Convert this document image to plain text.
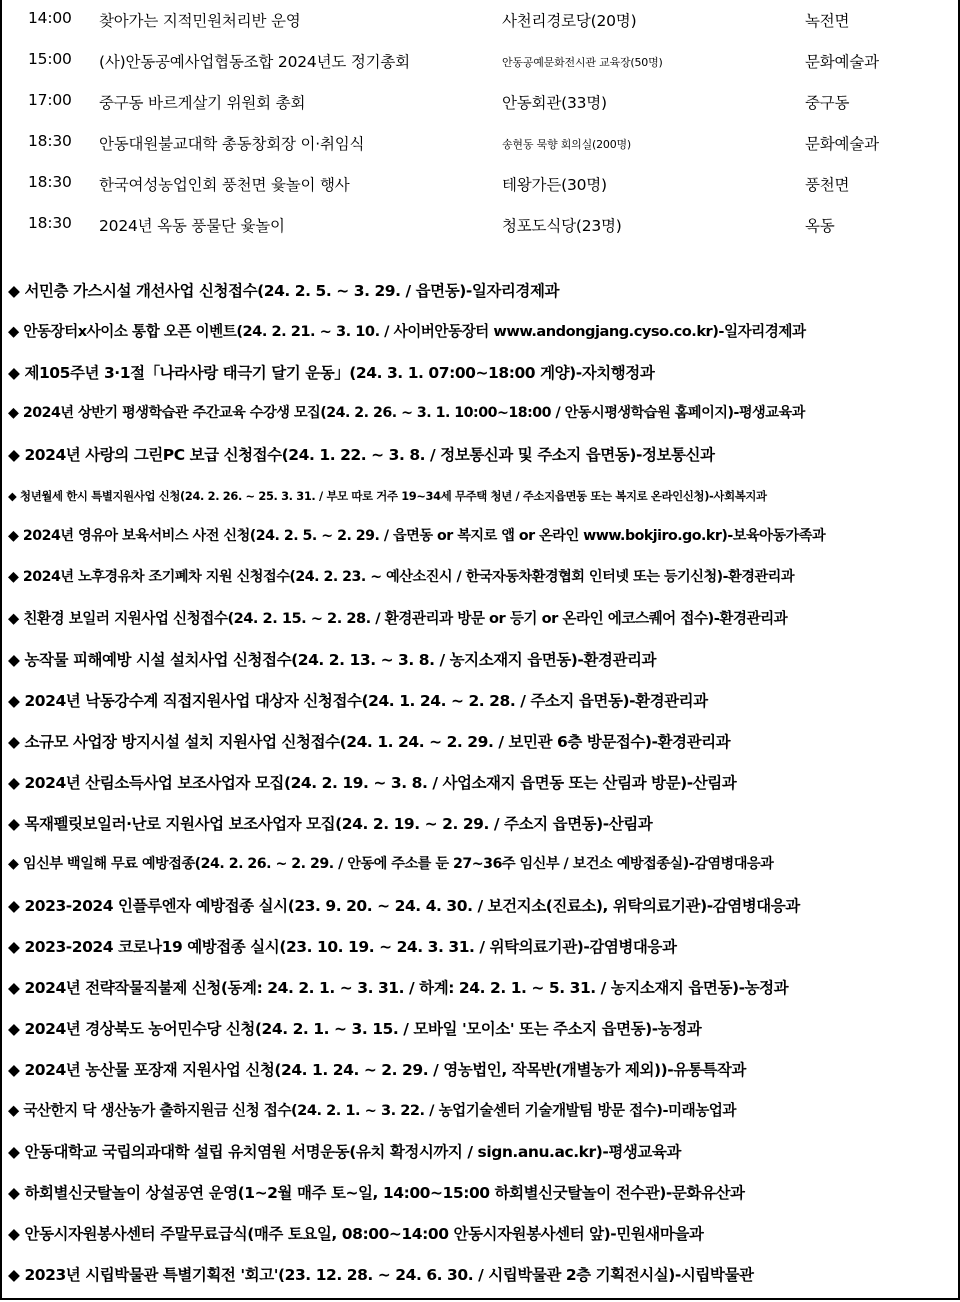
14:00 찾아가는 지적민원처리반 운영	사천리경로당(20명)	녹전면
15:00 (사)안동공예사업협동조합 2024년도 정기총회	안동공예문화전시관 교육장(50명)	문화예술과
17:00 중구동 바르게살기 위원회 총회	안동회관(33명)	중구동
18:30 안동대원불교대학 총동창회장 이·취임식	송현동 묵향 회의실(200명)	문화예술과
18:30 한국여성농업인회 풍천면 윷놀이 행사	테왕가든(30명)	풍천면
18:30 2024년 옥동 풍물단 윷놀이	청포도식당(23명)	옥동
◆ 서민층 가스시설 개선사업 신청접수(24. 2. 5. ~ 3. 29. / 읍면동)-일자리경제과
◆ 안동장터x사이소 통합 오픈 이벤트(24. 2. 21. ~ 3. 10. / 사이버안동장터 www.andongjang.cyso.co.kr)-일자리경제과
◆ 제105주년 3·1절「나라사랑 태극기 달기 운동」(24. 3. 1. 07:00~18:00 게양)-자치행정과
◆ 2024년 상반기 평생학습관 주간교육 수강생 모집(24. 2. 26. ~ 3. 1. 10:00~18:00 / 안동시평생학습원 홈페이지)-평생교육과
◆ 2024년 사랑의 그린PC 보급 신청접수(24. 1. 22. ~ 3. 8. / 정보통신과 및 주소지 읍면동)-정보통신과
◆ 청년월세 한시 특별지원사업 신청(24. 2. 26. ~ 25. 3. 31. / 부모 따로 거주 19~34세 무주택 청년 / 주소지읍면동 또는 복지로 온라인신청)-사회복지과
◆ 2024년 영유아 보육서비스 사전 신청(24. 2. 5. ~ 2. 29. / 읍면동 or 복지로 앱 or 온라인 www.bokjiro.go.kr)-보육아동가족과
◆ 2024년 노후경유차 조기폐차 지원 신청접수(24. 2. 23. ~ 예산소진시 / 한국자동차환경협회 인터넷 또는 등기신청)-환경관리과
◆ 친환경 보일러 지원사업 신청접수(24. 2. 15. ~ 2. 28. / 환경관리과 방문 or 등기 or 온라인 에코스퀘어 접수)-환경관리과
◆ 농작물 피해예방 시설 설치사업 신청접수(24. 2. 13. ~ 3. 8. / 농지소재지 읍면동)-환경관리과
◆ 2024년 낙동강수계 직접지원사업 대상자 신청접수(24. 1. 24. ~ 2. 28. / 주소지 읍면동)-환경관리과
◆ 소규모 사업장 방지시설 설치 지원사업 신청접수(24. 1. 24. ~ 2. 29. / 보민관 6층 방문접수)-환경관리과
◆ 2024년 산림소득사업 보조사업자 모집(24. 2. 19. ~ 3. 8. / 사업소재지 읍면동 또는 산림과 방문)-산림과
◆ 목재펠릿보일러·난로 지원사업 보조사업자 모집(24. 2. 19. ~ 2. 29. / 주소지 읍면동)-산림과
◆ 임신부 백일해 무료 예방접종(24. 2. 26. ~ 2. 29. / 안동에 주소를 둔 27~36주 임신부 / 보건소 예방접종실)-감염병대응과
◆ 2023-2024 인플루엔자 예방접종 실시(23. 9. 20. ~ 24. 4. 30. / 보건지소(진료소), 위탁의료기관)-감염병대응과
◆ 2023-2024 코로나19 예방접종 실시(23. 10. 19. ~ 24. 3. 31. / 위탁의료기관)-감염병대응과
◆ 2024년 전략작물직불제 신청(동계: 24. 2. 1. ~ 3. 31. / 하계: 24. 2. 1. ~ 5. 31. / 농지소재지 읍면동)-농정과
◆ 2024년 경상북도 농어민수당 신청(24. 2. 1. ~ 3. 15. / 모바일 '모이소' 또는 주소지 읍면동)-농정과
◆ 2024년 농산물 포장재 지원사업 신청(24. 1. 24. ~ 2. 29. / 영농법인, 작목반(개별농가 제외))-유통특작과
◆ 국산한지 닥 생산농가 출하지원금 신청 접수(24. 2. 1. ~ 3. 22. / 농업기술센터 기술개발팀 방문 접수)-미래농업과
◆ 안동대학교 국립의과대학 설립 유치염원 서명운동(유치 확정시까지 / sign.anu.ac.kr)-평생교육과
◆ 하회별신굿탈놀이 상설공연 운영(1~2월 매주 토~일, 14:00~15:00 하회별신굿탈놀이 전수관)-문화유산과
◆ 안동시자원봉사센터 주말무료급식(매주 토요일, 08:00~14:00 안동시자원봉사센터 앞)-민원새마을과
◆ 2023년 시립박물관 특별기획전 '회고'(23. 12. 28. ~ 24. 6. 30. / 시립박물관 2층 기획전시실)-시립박물관
